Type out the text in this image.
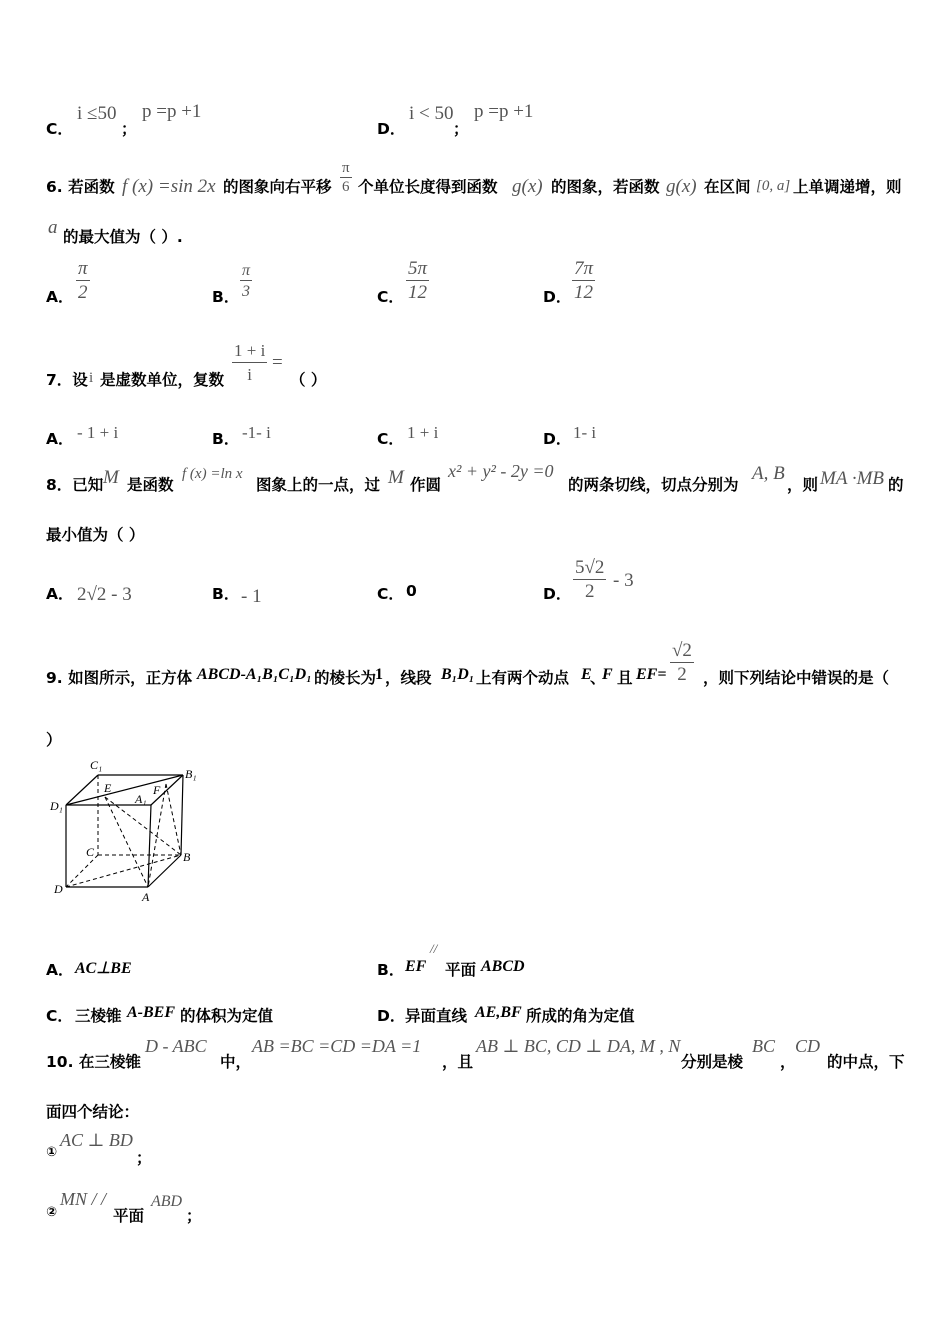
C．
i ≤50
；
p =p +1
D．
i < 50
；
p =p +1
6. 若函数 f (x) =sin 2x 的图象向右平移 $\frac{\pi}{6}$ 个单位长度得到函数 g(x) 的图象，若函数 g(x) 在区间 [0, a] 上单调递增，则
a 的最大值为（ ）.
A． $\frac{\pi}{2}$	B． $\frac{\pi}{3}$	C． $\frac{5\pi}{12}$	D． $\frac{7\pi}{12}$
7．设 i 是虚数单位，复数 $\frac{1 + i}{i}$ =
（ ）
A． - 1 + i	B． -1- i	C． 1 + i	D． 1- i
8．已知 M 是函数
f (x) =ln x
图象上的一点，过 M 作圆
x² + y² - 2y =0
的两条切线，切点分别为
A, B
，则 MA ·MB 的
最小值为（ ）
A． 2√2 - 3	B． - 1	C． 0	D． $\frac{5√2}{2} - 3$
9. 如图所示，正方体 ABCD-A₁B₁C₁D₁ 的棱长为
1 ，线段 B₁D₁ 上有两个动点 E
、
F 且 $EF= \frac{√2}{2}$ ，则下列结论中错误的是（
）
C₁
B₁
D₁
E
A₁
F
C	B
D
A
A． AC⊥BE	B． EF
//
平面 ABCD
C． 三棱锥 A-BEF 的体积为定值	D． 异面直线 AE,BF 所成的角为定值
10. 在三棱锥
D - ABC
中，
AB =BC =CD =DA =1
，且
AB ⊥ BC, CD ⊥ DA, M , N
分别是棱
BC
，
CD
的中点，下
面四个结论：
①
AC ⊥ BD
；
②
MN / /
平面
ABD
；
